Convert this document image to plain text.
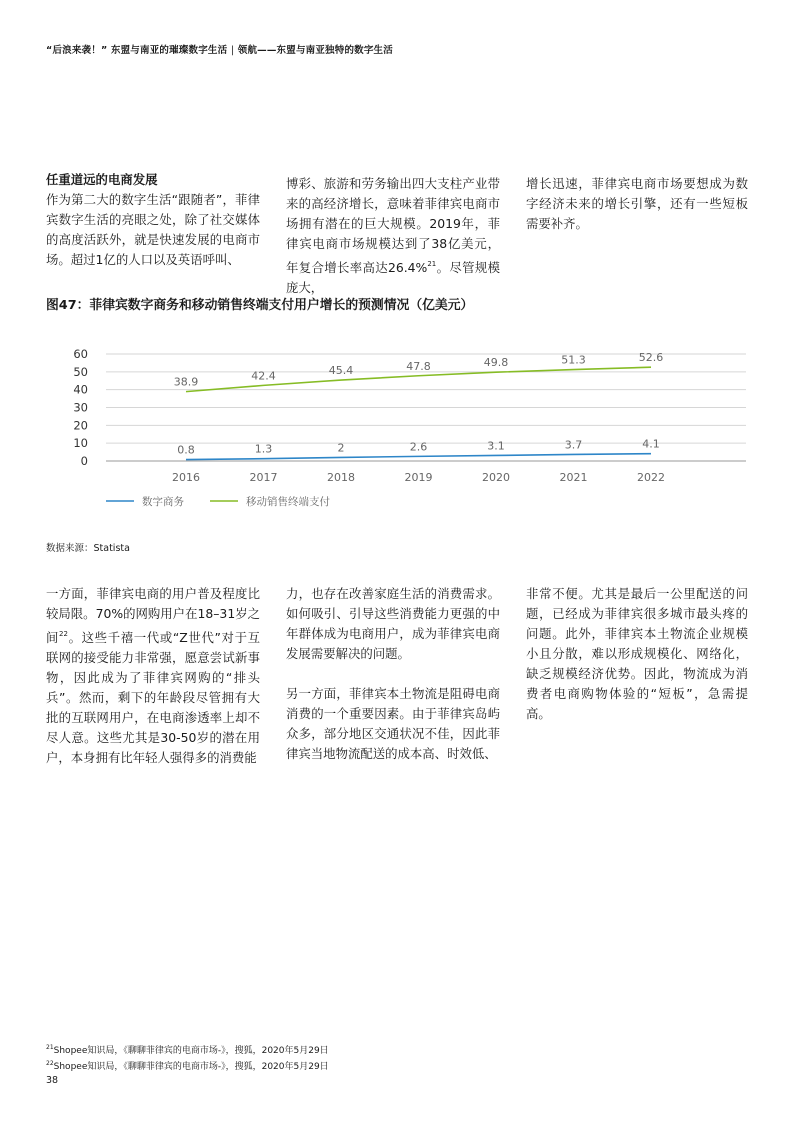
“后浪来袭！” 东盟与南亚的璀璨数字生活 | 领航——东盟与南亚独特的数字生活

任重道远的电商发展

作为第二大的数字生活“跟随者”，菲律宾数字生活的亮眼之处，除了社交媒体的高度活跃外，就是快速发展的电商市场。超过1亿的人口以及英语呼叫、

博彩、旅游和劳务输出四大支柱产业带来的高经济增长，意味着菲律宾电商市场拥有潜在的巨大规模。2019年，菲律宾电商市场规模达到了38亿美元，年复合增长率高达26.4%$^{21}$。尽管规模庞大，

增长迅速，菲律宾电商市场要想成为数字经济未来的增长引擎，还有一些短板需要补齐。

图47：菲律宾数字商务和移动销售终端支付用户增长的预测情况（亿美元）
60
50
40
30
20
10
0
2016	2017	2018	2019	2020	2021	2022
0.8	1.3	2	2.6	3.1	3.7	4.1
38.9	42.4	45.4	47.8	49.8	51.3	52.6
数字商务	移动销售终端支付
数据来源：Statista

一方面，菲律宾电商的用户普及程度比较局限。70%的网购用户在18–31岁之间$^{22}$。这些千禧一代或“Z世代”对于互联网的接受能力非常强，愿意尝试新事物，因此成为了菲律宾网购的“排头兵”。然而，剩下的年龄段尽管拥有大批的互联网用户，在电商渗透率上却不尽人意。这些尤其是30-50岁的潜在用户，本身拥有比年轻人强得多的消费能

力，也存在改善家庭生活的消费需求。如何吸引、引导这些消费能力更强的中年群体成为电商用户，成为菲律宾电商发展需要解决的问题。

另一方面，菲律宾本土物流是阻碍电商消费的一个重要因素。由于菲律宾岛屿众多，部分地区交通状况不佳，因此菲律宾当地物流配送的成本高、时效低、

非常不便。尤其是最后一公里配送的问题，已经成为菲律宾很多城市最头疼的问题。此外，菲律宾本土物流企业规模小且分散，难以形成规模化、网络化，缺乏规模经济优势。因此，物流成为消费者电商购物体验的“短板”，急需提高。

$^{21}$Shopee知识局，《聊聊菲律宾的电商市场-》，搜狐，2020年5月29日
$^{22}$Shopee知识局，《聊聊菲律宾的电商市场-》，搜狐，2020年5月29日
38
